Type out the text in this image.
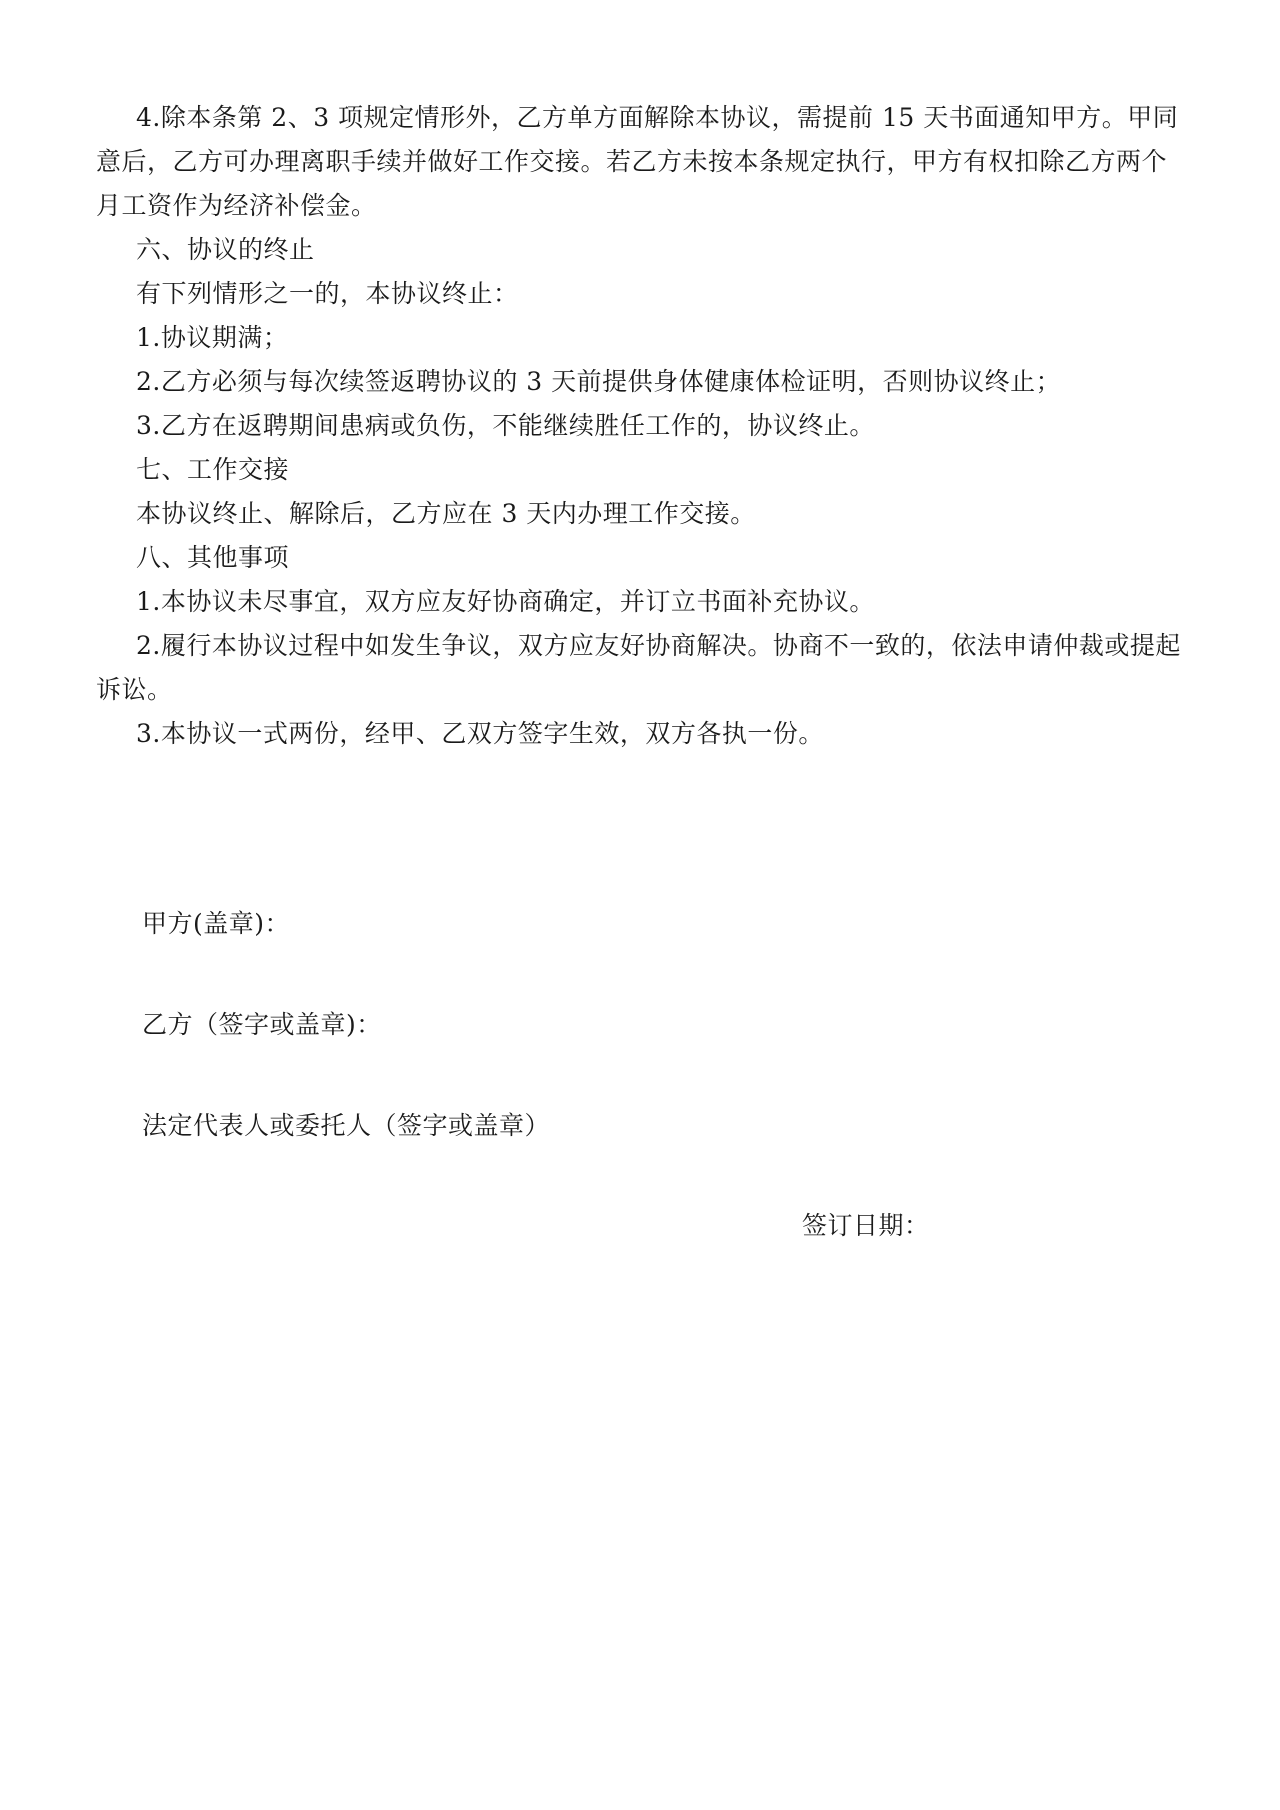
4.除本条第 2、3 项规定情形外，乙方单方面解除本协议，需提前 15 天书面通知甲方。甲同意后，乙方可办理离职手续并做好工作交接。若乙方未按本条规定执行，甲方有权扣除乙方两个月工资作为经济补偿金。

六、协议的终止

有下列情形之一的，本协议终止：

1.协议期满；

2.乙方必须与每次续签返聘协议的 3 天前提供身体健康体检证明，否则协议终止；

3.乙方在返聘期间患病或负伤，不能继续胜任工作的，协议终止。

七、工作交接

本协议终止、解除后，乙方应在 3 天内办理工作交接。

八、其他事项

1.本协议未尽事宜，双方应友好协商确定，并订立书面补充协议。

2.履行本协议过程中如发生争议，双方应友好协商解决。协商不一致的，依法申请仲裁或提起诉讼。

3.本协议一式两份，经甲、乙双方签字生效，双方各执一份。

甲方(盖章)：
乙方（签字或盖章)：
法定代表人或委托人（签字或盖章）
签订日期：
